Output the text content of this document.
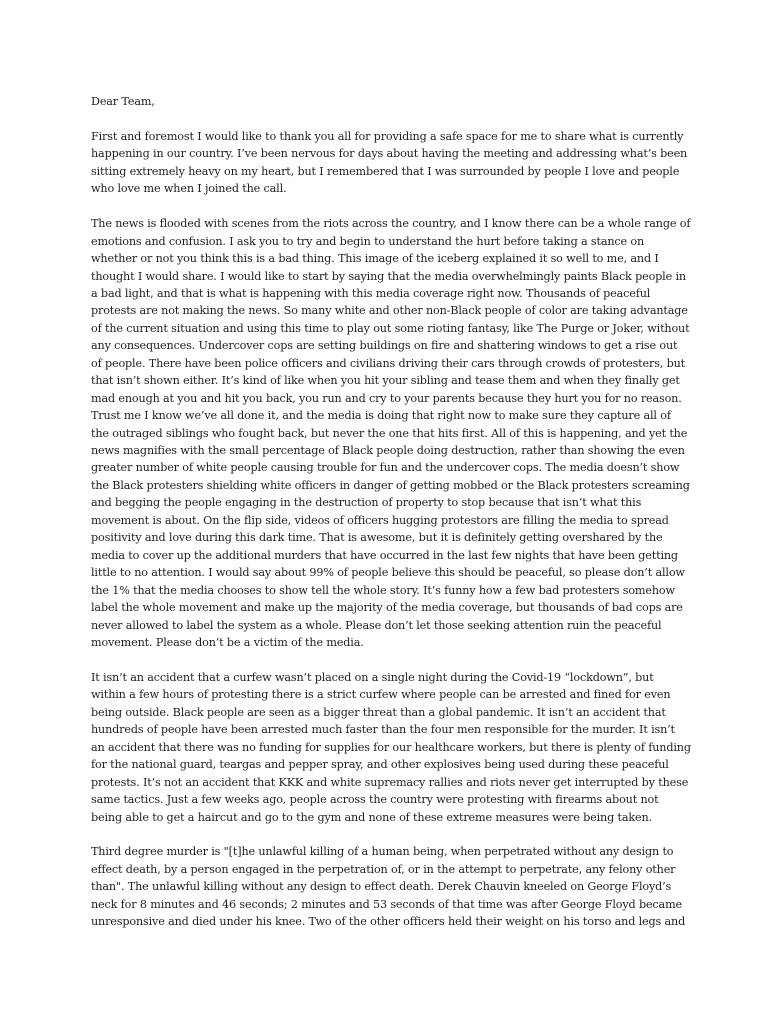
Dear Team,

First and foremost I would like to thank you all for providing a safe space for me to share what is currently happening in our country. I’ve been nervous for days about having the meeting and addressing what’s been sitting extremely heavy on my heart, but I remembered that I was surrounded by people I love and people who love me when I joined the call.

The news is flooded with scenes from the riots across the country, and I know there can be a whole range of emotions and confusion. I ask you to try and begin to understand the hurt before taking a stance on whether or not you think this is a bad thing. This image of the iceberg explained it so well to me, and I thought I would share. I would like to start by saying that the media overwhelmingly paints Black people in a bad light, and that is what is happening with this media coverage right now. Thousands of peaceful protests are not making the news. So many white and other non-Black people of color are taking advantage of the current situation and using this time to play out some rioting fantasy, like The Purge or Joker, without any consequences. Undercover cops are setting buildings on fire and shattering windows to get a rise out of people. There have been police officers and civilians driving their cars through crowds of protesters, but that isn’t shown either. It’s kind of like when you hit your sibling and tease them and when they finally get mad enough at you and hit you back, you run and cry to your parents because they hurt you for no reason. Trust me I know we’ve all done it, and the media is doing that right now to make sure they capture all of the outraged siblings who fought back, but never the one that hits first. All of this is happening, and yet the news magnifies with the small percentage of Black people doing destruction, rather than showing the even greater number of white people causing trouble for fun and the undercover cops. The media doesn’t show the Black protesters shielding white officers in danger of getting mobbed or the Black protesters screaming and begging the people engaging in the destruction of property to stop because that isn’t what this movement is about. On the flip side, videos of officers hugging protestors are filling the media to spread positivity and love during this dark time. That is awesome, but it is definitely getting overshared by the media to cover up the additional murders that have occurred in the last few nights that have been getting little to no attention. I would say about 99% of people believe this should be peaceful, so please don’t allow the 1% that the media chooses to show tell the whole story. It’s funny how a few bad protesters somehow label the whole movement and make up the majority of the media coverage, but thousands of bad cops are never allowed to label the system as a whole. Please don’t let those seeking attention ruin the peaceful movement. Please don’t be a victim of the media.

It isn’t an accident that a curfew wasn’t placed on a single night during the Covid-19 “lockdown”, but within a few hours of protesting there is a strict curfew where people can be arrested and fined for even being outside. Black people are seen as a bigger threat than a global pandemic. It isn’t an accident that hundreds of people have been arrested much faster than the four men responsible for the murder. It isn’t an accident that there was no funding for supplies for our healthcare workers, but there is plenty of funding for the national guard, teargas and pepper spray, and other explosives being used during these peaceful protests. It’s not an accident that KKK and white supremacy rallies and riots never get interrupted by these same tactics. Just a few weeks ago, people across the country were protesting with firearms about not being able to get a haircut and go to the gym and none of these extreme measures were being taken.

Third degree murder is "[t]he unlawful killing of a human being, when perpetrated without any design to effect death, by a person engaged in the perpetration of, or in the attempt to perpetrate, any felony other than". The unlawful killing without any design to effect death. Derek Chauvin kneeled on George Floyd’s neck for 8 minutes and 46 seconds; 2 minutes and 53 seconds of that time was after George Floyd became unresponsive and died under his knee. Two of the other officers held their weight on his torso and legs and
